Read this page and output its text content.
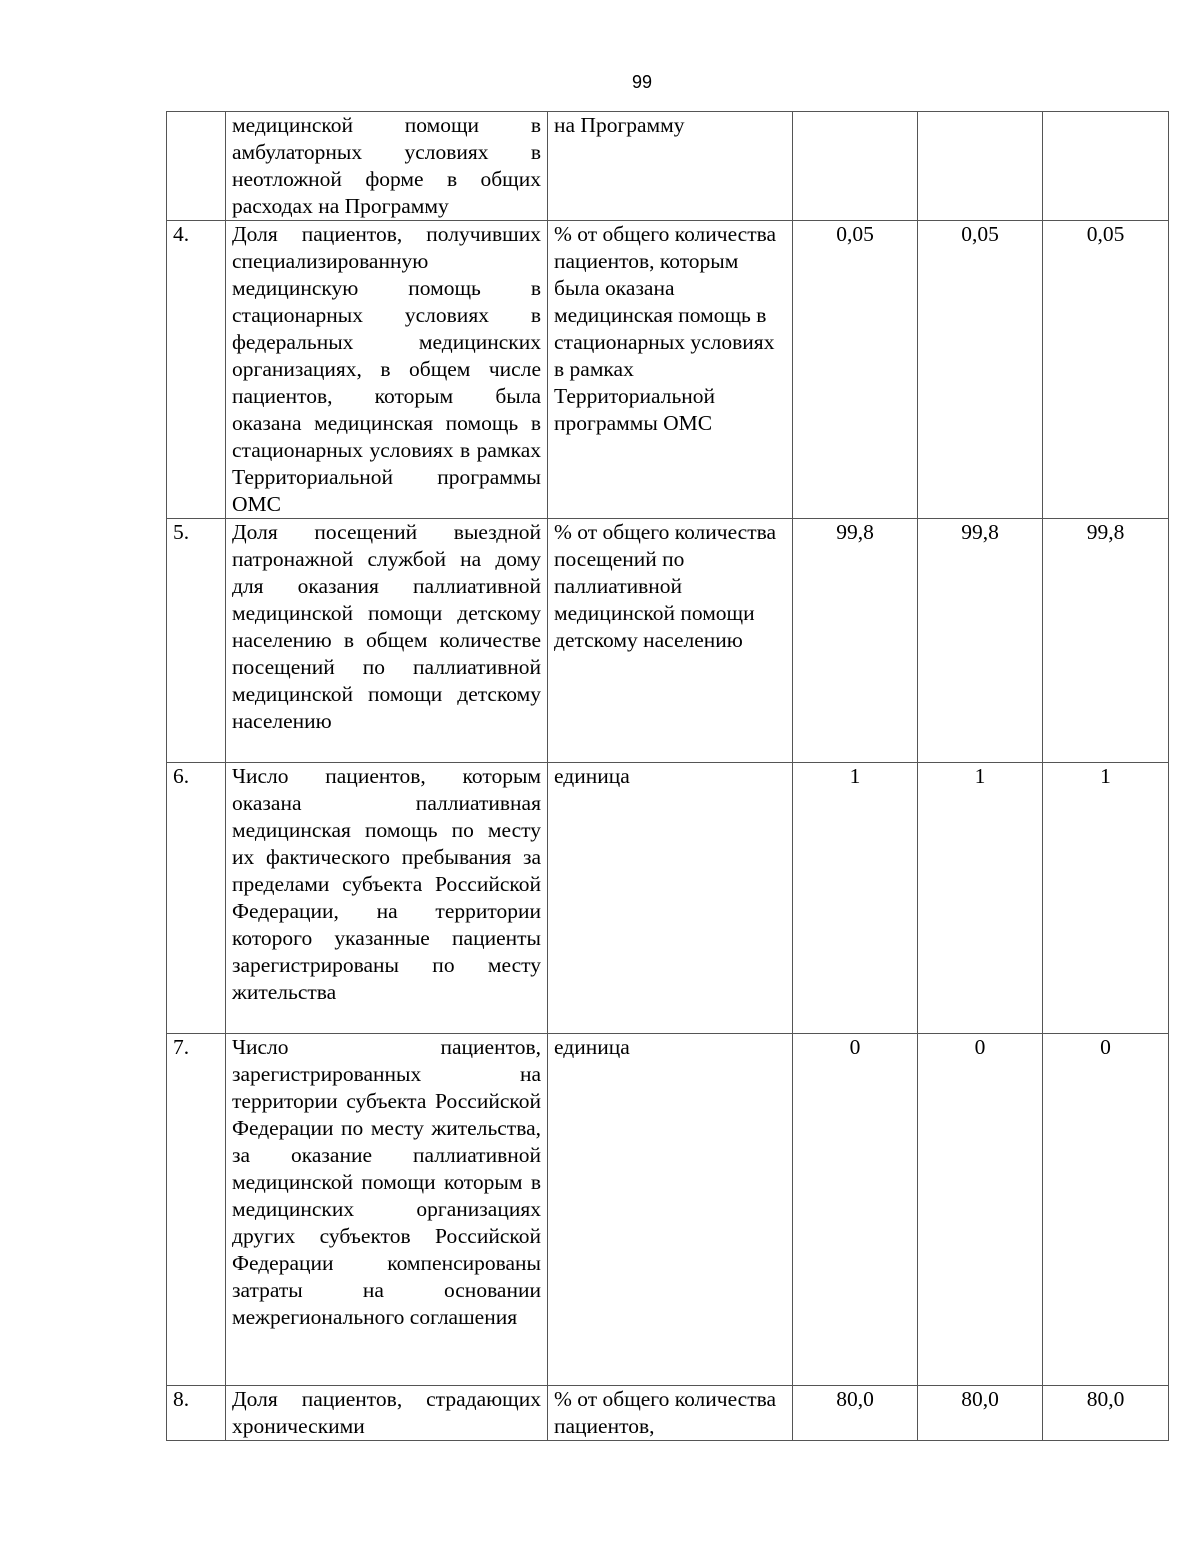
99
	медицинской помощи в амбулаторных условиях в неотложной форме в общих расходах на Программу	на Программу			
4.	Доля пациентов, получивших специализированную медицинскую помощь в стационарных условиях в федеральных медицинских организациях, в общем числе пациентов, которым была оказана медицинская помощь в стационарных условиях в рамках Территориальной программы ОМС	% от общего количества пациентов, которым была оказана медицинская помощь в стационарных условиях в рамках Территориальной программы ОМС	0,05	0,05	0,05
5.	Доля посещений выездной патронажной службой на дому для оказания паллиативной медицинской помощи детскому населению в общем количестве посещений по паллиативной медицинской помощи детскому населению	% от общего количества посещений по паллиативной медицинской помощи детскому населению	99,8	99,8	99,8
6.	Число пациентов, которым оказана паллиативная медицинская помощь по месту их фактического пребывания за пределами субъекта Российской Федерации, на территории которого указанные пациенты зарегистрированы по месту жительства	единица	1	1	1
7.	Число пациентов, зарегистрированных на территории субъекта Российской Федерации по месту жительства, за оказание паллиативной медицинской помощи которым в медицинских организациях других субъектов Российской Федерации компенсированы затраты на основании межрегионального соглашения	единица	0	0	0
8.	Доля пациентов, страдающих хроническими	% от общего количества пациентов,	80,0	80,0	80,0
